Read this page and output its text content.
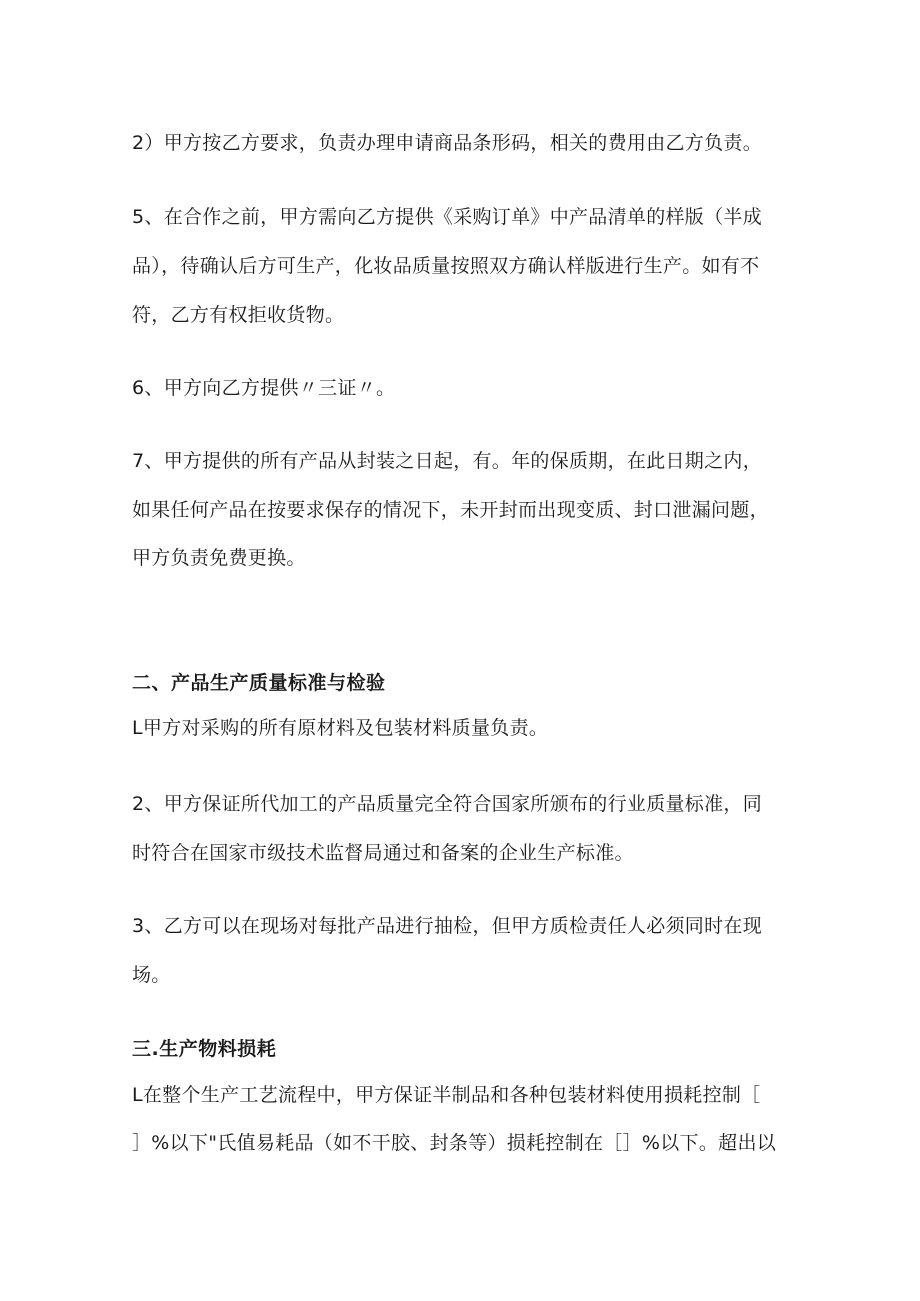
2）甲方按乙方要求，负责办理申请商品条形码，相关的费用由乙方负责。

5、在合作之前，甲方需向乙方提供《采购订单》中产品清单的样版（半成

品），待确认后方可生产，化妆品质量按照双方确认样版进行生产。如有不

符，乙方有权拒收货物。

6、甲方向乙方提供〃三证〃。

7、甲方提供的所有产品从封装之日起，有。年的保质期，在此日期之内，

如果任何产品在按要求保存的情况下，未开封而出现变质、封口泄漏问题，

甲方负责免费更换。

二、产品生产质量标准与检验

L甲方对采购的所有原材料及包装材料质量负责。

2、甲方保证所代加工的产品质量完全符合国家所颁布的行业质量标准，同

时符合在国家市级技术监督局通过和备案的企业生产标准。

3、乙方可以在现场对每批产品进行抽检，但甲方质检责任人必须同时在现

场。

三.生产物料损耗

L在整个生产工艺流程中，甲方保证半制品和各种包装材料使用损耗控制［

］%以下"氏值易耗品（如不干胶、封条等）损耗控制在［］%以下。超出以
